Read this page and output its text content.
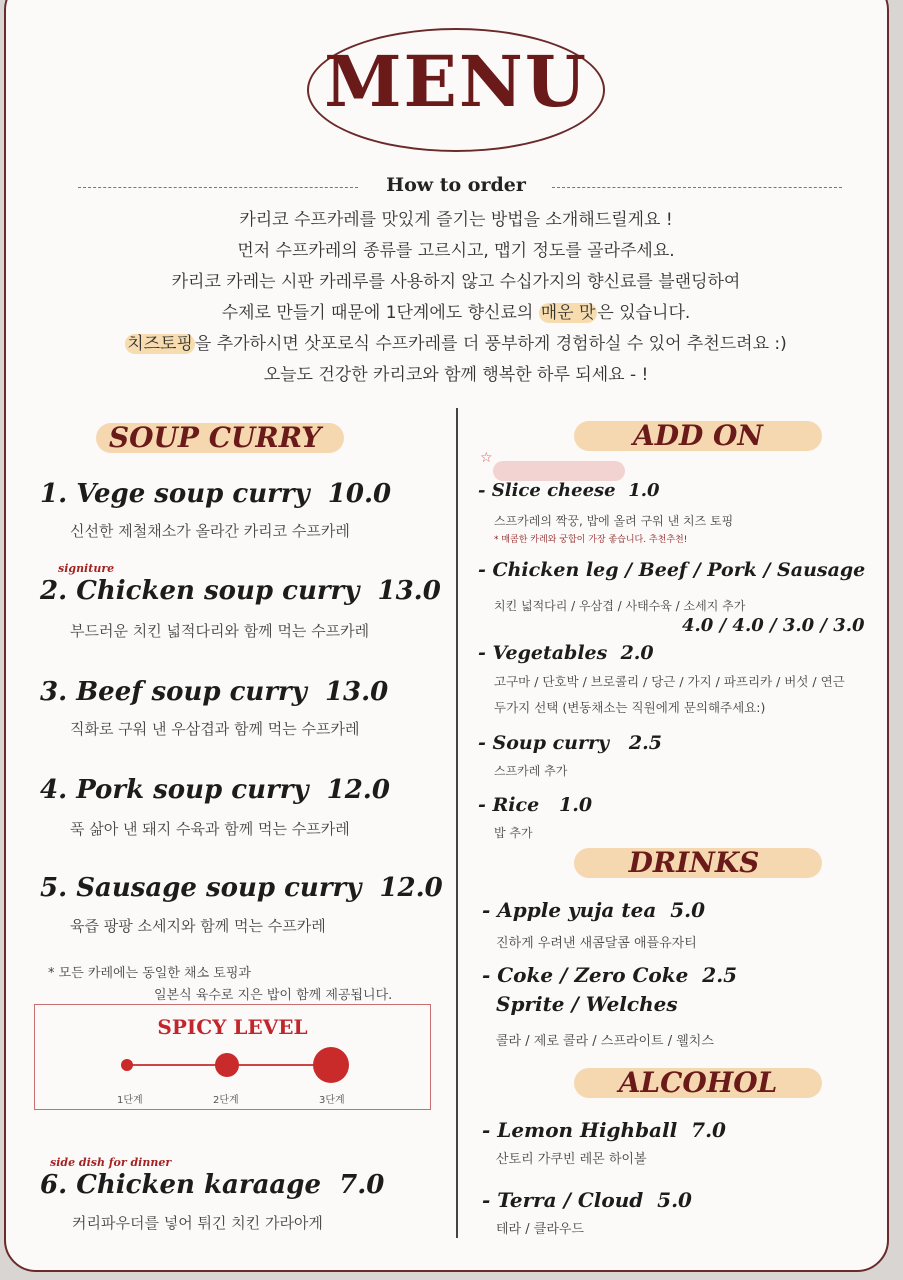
MENU
How to order
카리코 수프카레를 맛있게 즐기는 방법을 소개해드릴게요 !
먼저 수프카레의 종류를 고르시고, 맵기 정도를 골라주세요.
카리코 카레는 시판 카레루를 사용하지 않고 수십가지의 향신료를 블랜딩하여
수제로 만들기 때문에 1단계에도 향신료의 매운 맛 은 있습니다.
치즈토핑 을 추가하시면 삿포로식 수프카레를 더 풍부하게 경험하실 수 있어 추천드려요 :)
오늘도 건강한 카리코와 함께 행복한 하루 되세요 - !
SOUP CURRY
1. Vege soup curry 10.0
신선한 제철채소가 올라간 카리코 수프카레
signiture
2. Chicken soup curry 13.0
부드러운 치킨 넓적다리와 함께 먹는 수프카레
3. Beef soup curry 13.0
직화로 구워 낸 우삼겹과 함께 먹는 수프카레
4. Pork soup curry 12.0
푹 삶아 낸 돼지 수육과 함께 먹는 수프카레
5. Sausage soup curry 12.0
육즙 팡팡 소세지와 함께 먹는 수프카레
* 모든 카레에는 동일한 채소 토핑과
일본식 육수로 지은 밥이 함께 제공됩니다.
SPICY LEVEL
1단계	2단계	3단계
side dish for dinner
6. Chicken karaage 7.0
커리파우더를 넣어 튀긴 치킨 가라아게
ADD ON
☆
- Slice cheese 1.0
스프카레의 짝꿍, 밥에 올려 구워 낸 치즈 토핑
* 매콤한 카레와 궁합이 가장 좋습니다. 추천추천!
- Chicken leg / Beef / Pork / Sausage
치킨 넓적다리 / 우삼겹 / 사태수육 / 소세지 추가
4.0 / 4.0 / 3.0 / 3.0
- Vegetables 2.0
고구마 / 단호박 / 브로콜리 / 당근 / 가지 / 파프리카 / 버섯 / 연근
두가지 선택 (변동채소는 직원에게 문의해주세요:)
- Soup curry 2.5
스프카레 추가
- Rice 1.0
밥 추가
DRINKS
- Apple yuja tea 5.0
진하게 우려낸 새콤달콤 애플유자티
- Coke / Zero Coke 2.5
Sprite / Welches
콜라 / 제로 콜라 / 스프라이트 / 웰치스
ALCOHOL
- Lemon Highball 7.0
산토리 가쿠빈 레몬 하이볼
- Terra / Cloud 5.0
테라 / 클라우드
